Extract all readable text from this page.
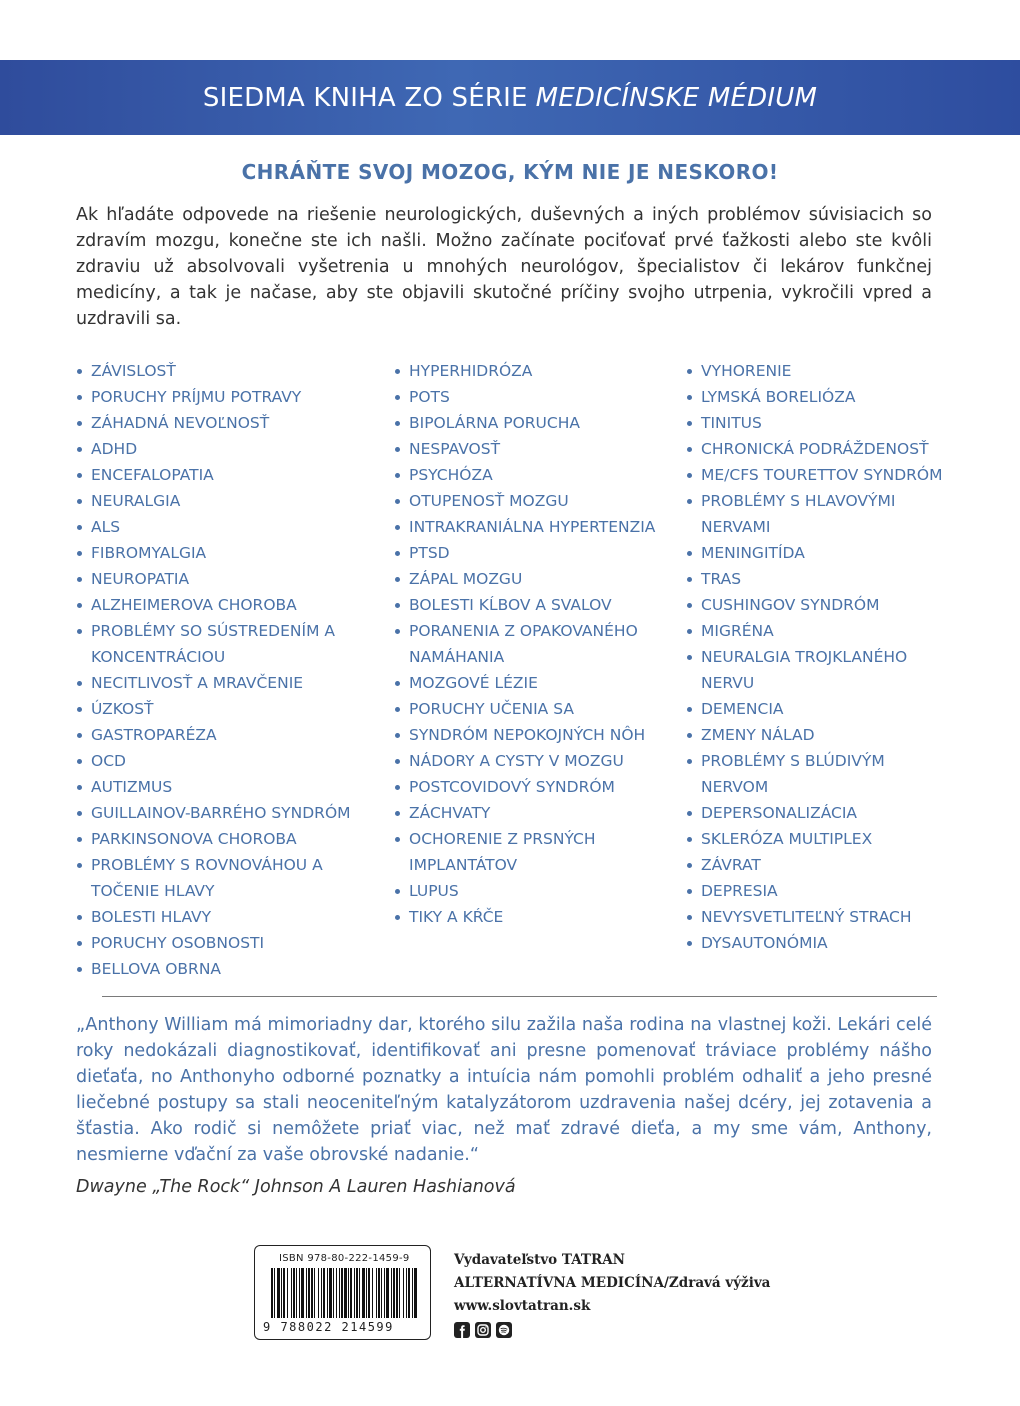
SIEDMA KNIHA ZO SÉRIE MEDICÍNSKE MÉDIUM
CHRÁŇTE SVOJ MOZOG, KÝM NIE JE NESKORO!
Ak hľadáte odpovede na riešenie neurologických, duševných a iných problémov súvisiacich so zdravím mozgu, konečne ste ich našli. Možno začínate pociťovať prvé ťažkosti alebo ste kvôli zdraviu už absolvovali vyšetrenia u mnohých neurológov, špecialistov či lekárov funkčnej medicíny, a tak je načase, aby ste objavili skutočné príčiny svojho utrpenia, vykročili vpred a uzdravili sa.
ZÁVISLOSŤ
PORUCHY PRÍJMU POTRAVY
ZÁHADNÁ NEVOĽNOSŤ
ADHD
ENCEFALOPATIA
NEURALGIA
ALS
FIBROMYALGIA
NEUROPATIA
ALZHEIMEROVA CHOROBA
PROBLÉMY SO SÚSTREDENÍM A KONCENTRÁCIOU
NECITLIVOSŤ A MRAVČENIE
ÚZKOSŤ
GASTROPARÉZA
OCD
AUTIZMUS
GUILLAINOV-BARRÉHO SYNDRÓM
PARKINSONOVA CHOROBA
PROBLÉMY S ROVNOVÁHOU A TOČENIE HLAVY
BOLESTI HLAVY
PORUCHY OSOBNOSTI
BELLOVA OBRNA
HYPERHIDRÓZA
POTS
BIPOLÁRNA PORUCHA
NESPAVOSŤ
PSYCHÓZA
OTUPENOSŤ MOZGU
INTRAKRANIÁLNA HYPERTENZIA
PTSD
ZÁPAL MOZGU
BOLESTI KĹBOV A SVALOV
PORANENIA Z OPAKOVANÉHO NAMÁHANIA
MOZGOVÉ LÉZIE
PORUCHY UČENIA SA
SYNDRÓM NEPOKOJNÝCH NÔH
NÁDORY A CYSTY V MOZGU
POSTCOVIDOVÝ SYNDRÓM
ZÁCHVATY
OCHORENIE Z PRSNÝCH IMPLANTÁTOV
LUPUS
TIKY A KŔČE
VYHORENIE
LYMSKÁ BORELIÓZA
TINITUS
CHRONICKÁ PODRÁŽDENOSŤ
ME/CFS TOURETTOV SYNDRÓM
PROBLÉMY S HLAVOVÝMI NERVAMI
MENINGITÍDA
TRAS
CUSHINGOV SYNDRÓM
MIGRÉNA
NEURALGIA TROJKLANÉHO NERVU
DEMENCIA
ZMENY NÁLAD
PROBLÉMY S BLÚDIVÝM NERVOM
DEPERSONALIZÁCIA
SKLERÓZA MULTIPLEX
ZÁVRAT
DEPRESIA
NEVYSVETLITEĽNÝ STRACH
DYSAUTONÓMIA
„Anthony William má mimoriadny dar, ktorého silu zažila naša rodina na vlastnej koži. Lekári celé roky nedokázali diagnostikovať, identifikovať ani presne pomenovať tráviace problémy nášho dieťaťa, no Anthonyho odborné poznatky a intuícia nám pomohli problém odhaliť a jeho presné liečebné postupy sa stali neoceniteľným katalyzátorom uzdravenia našej dcéry, jej zotavenia a šťastia. Ako rodič si nemôžete priať viac, než mať zdravé dieťa, a my sme vám, Anthony, nesmierne vďační za vaše obrovské nadanie.“
Dwayne „The Rock“ Johnson A Lauren Hashianová
ISBN 978-80-222-1459-9
9 788022 214599
Vydavateľstvo TATRAN
ALTERNATÍVNA MEDICÍNA/Zdravá výživa
www.slovtatran.sk
